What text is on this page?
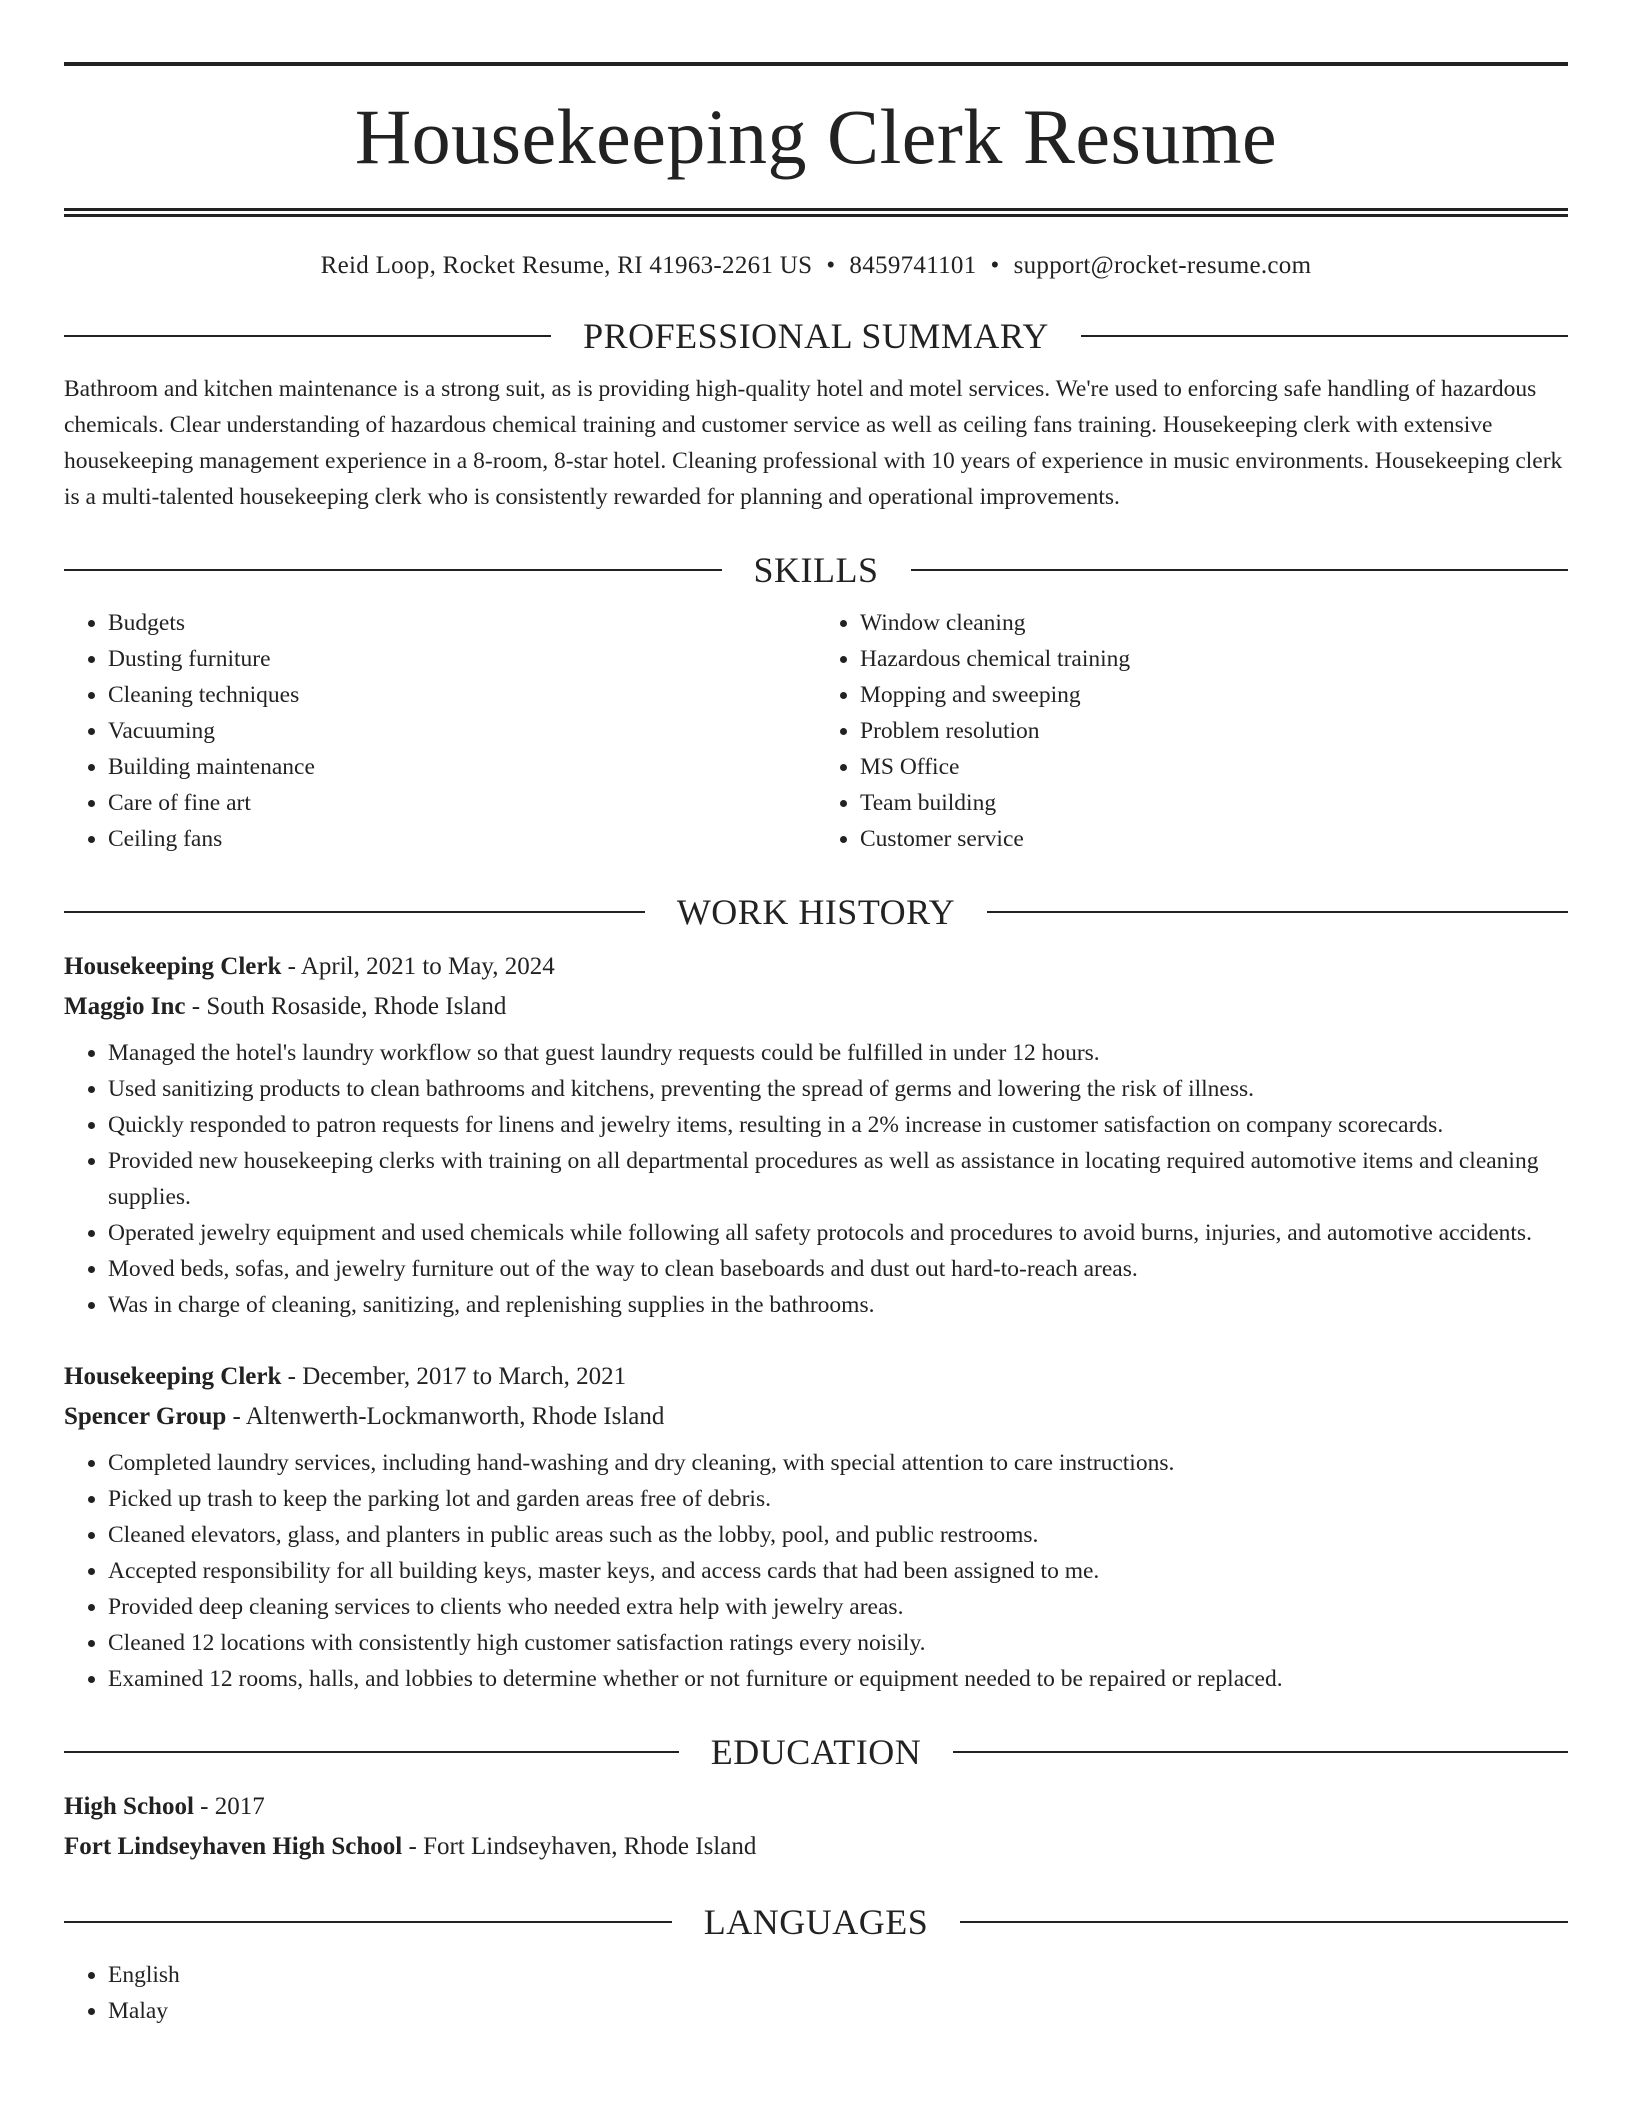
Housekeeping Clerk Resume
Reid Loop, Rocket Resume, RI 41963-2261 US • 8459741101 • support@rocket-resume.com
PROFESSIONAL SUMMARY

Bathroom and kitchen maintenance is a strong suit, as is providing high-quality hotel and motel services. We're used to enforcing safe handling of hazardous chemicals. Clear understanding of hazardous chemical training and customer service as well as ceiling fans training. Housekeeping clerk with extensive housekeeping management experience in a 8-room, 8-star hotel. Cleaning professional with 10 years of experience in music environments. Housekeeping clerk is a multi-talented housekeeping clerk who is consistently rewarded for planning and operational improvements.

SKILLS
• Budgets
• Dusting furniture
• Cleaning techniques
• Vacuuming
• Building maintenance
• Care of fine art
• Ceiling fans
• Window cleaning
• Hazardous chemical training
• Mopping and sweeping
• Problem resolution
• MS Office
• Team building
• Customer service
WORK HISTORY
Housekeeping Clerk - April, 2021 to May, 2024
Maggio Inc - South Rosaside, Rhode Island
• Managed the hotel's laundry workflow so that guest laundry requests could be fulfilled in under 12 hours.
• Used sanitizing products to clean bathrooms and kitchens, preventing the spread of germs and lowering the risk of illness.
• Quickly responded to patron requests for linens and jewelry items, resulting in a 2% increase in customer satisfaction on company scorecards.
• Provided new housekeeping clerks with training on all departmental procedures as well as assistance in locating required automotive items and cleaning supplies.
• Operated jewelry equipment and used chemicals while following all safety protocols and procedures to avoid burns, injuries, and automotive accidents.
• Moved beds, sofas, and jewelry furniture out of the way to clean baseboards and dust out hard-to-reach areas.
• Was in charge of cleaning, sanitizing, and replenishing supplies in the bathrooms.
Housekeeping Clerk - December, 2017 to March, 2021
Spencer Group - Altenwerth-Lockmanworth, Rhode Island
• Completed laundry services, including hand-washing and dry cleaning, with special attention to care instructions.
• Picked up trash to keep the parking lot and garden areas free of debris.
• Cleaned elevators, glass, and planters in public areas such as the lobby, pool, and public restrooms.
• Accepted responsibility for all building keys, master keys, and access cards that had been assigned to me.
• Provided deep cleaning services to clients who needed extra help with jewelry areas.
• Cleaned 12 locations with consistently high customer satisfaction ratings every noisily.
• Examined 12 rooms, halls, and lobbies to determine whether or not furniture or equipment needed to be repaired or replaced.
EDUCATION
High School - 2017
Fort Lindseyhaven High School - Fort Lindseyhaven, Rhode Island
LANGUAGES
• English
• Malay
